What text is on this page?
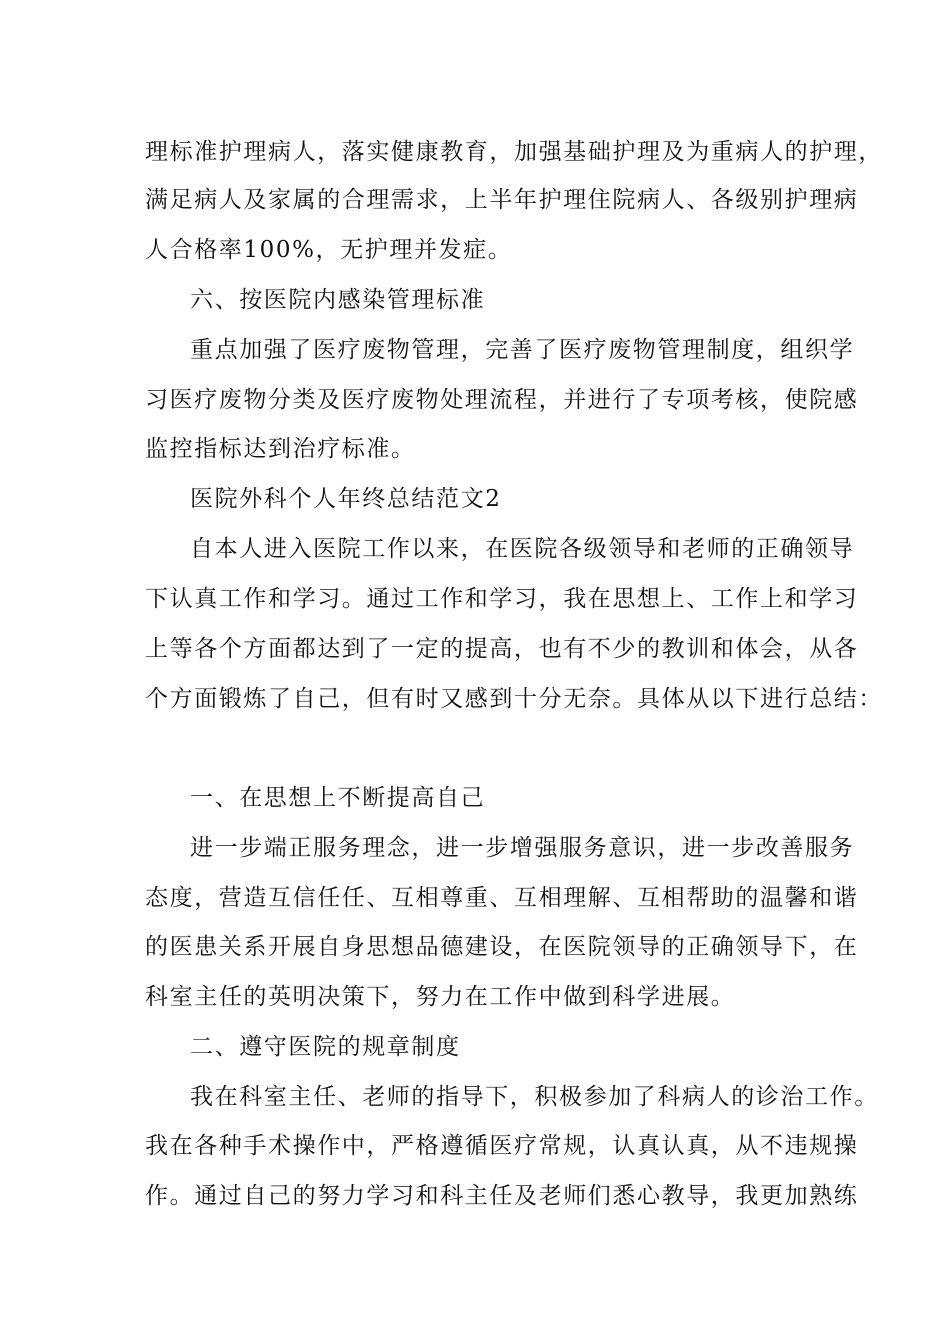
理标准护理病人，落实健康教育，加强基础护理及为重病人的护理，
满足病人及家属的合理需求，上半年护理住院病人、各级别护理病
人合格率100%，无护理并发症。
六、按医院内感染管理标准
重点加强了医疗废物管理，完善了医疗废物管理制度，组织学
习医疗废物分类及医疗废物处理流程，并进行了专项考核，使院感
监控指标达到治疗标准。
医院外科个人年终总结范文2
自本人进入医院工作以来，在医院各级领导和老师的正确领导
下认真工作和学习。通过工作和学习，我在思想上、工作上和学习
上等各个方面都达到了一定的提高，也有不少的教训和体会，从各
个方面锻炼了自己，但有时又感到十分无奈。具体从以下进行总结：
一、在思想上不断提高自己
进一步端正服务理念，进一步增强服务意识，进一步改善服务
态度，营造互信任任、互相尊重、互相理解、互相帮助的温馨和谐
的医患关系开展自身思想品德建设，在医院领导的正确领导下，在
科室主任的英明决策下，努力在工作中做到科学进展。
二、遵守医院的规章制度
我在科室主任、老师的指导下，积极参加了科病人的诊治工作。
我在各种手术操作中，严格遵循医疗常规，认真认真，从不违规操
作。通过自己的努力学习和科主任及老师们悉心教导，我更加熟练
